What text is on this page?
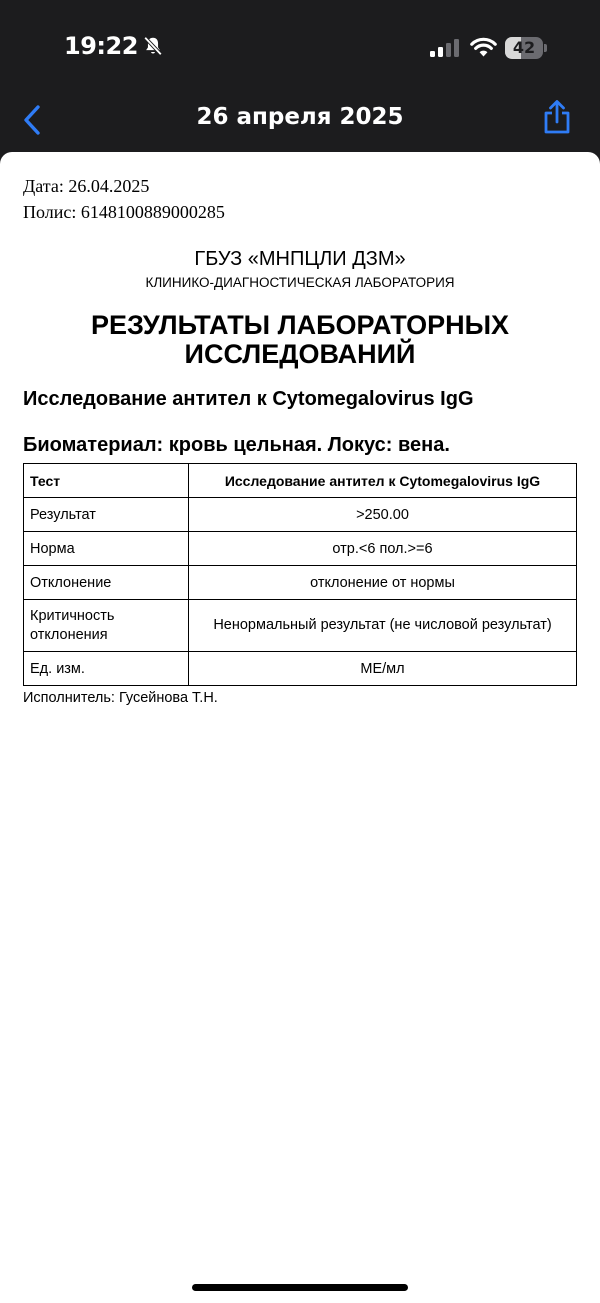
19:22	42
26 апреля 2025
Дата: 26.04.2025
Полис: 6148100889000285
ГБУЗ «МНПЦЛИ ДЗМ»
КЛИНИКО-ДИАГНОСТИЧЕСКАЯ ЛАБОРАТОРИЯ
РЕЗУЛЬТАТЫ ЛАБОРАТОРНЫХ
ИССЛЕДОВАНИЙ
Исследование антител к Cytomegalovirus IgG
Биоматериал: кровь цельная. Локус: вена.
Тест	Исследование антител к Cytomegalovirus IgG
Результат	>250.00
Норма	отр.<6 пол.>=6
Отклонение	отклонение от нормы
Критичность отклонения	Ненормальный результат (не числовой результат)
Ед. изм.	МЕ/мл
Исполнитель: Гусейнова Т.Н.
